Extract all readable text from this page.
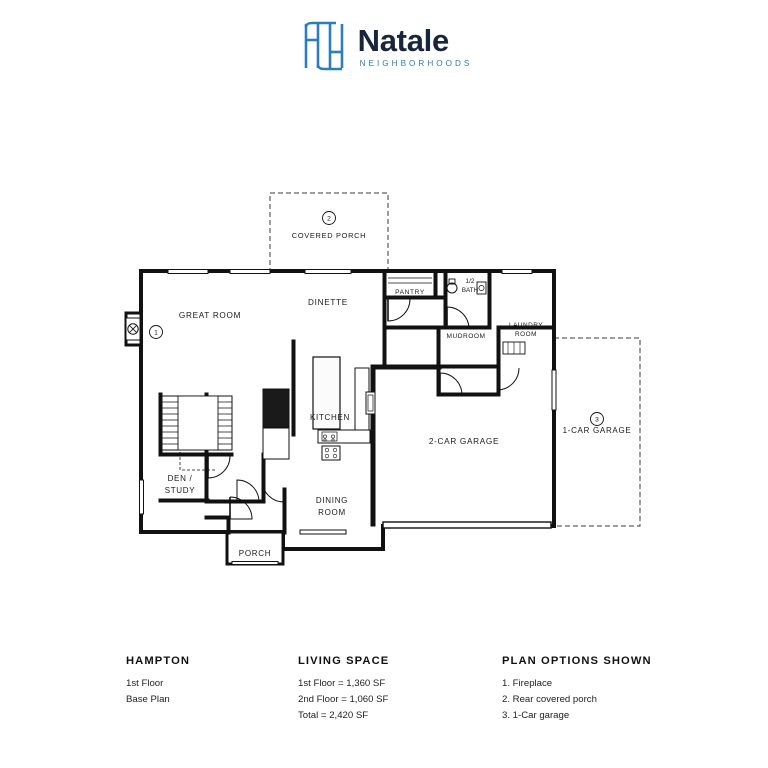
Natale
NEIGHBORHOODS
COVERED PORCH
GREAT ROOM
DINETTE
PANTRY
1/2
BATH
MUDROOM
LAUNDRY
ROOM
KITCHEN
DEN /
STUDY
DINING
ROOM
PORCH
2-CAR GARAGE
1-CAR GARAGE
1
2
3
HAMPTON

1st Floor

Base Plan

LIVING SPACE

1st Floor = 1,360 SF

2nd Floor = 1,060 SF

Total = 2,420 SF

PLAN OPTIONS SHOWN

1. Fireplace

2. Rear covered porch

3. 1-Car garage
